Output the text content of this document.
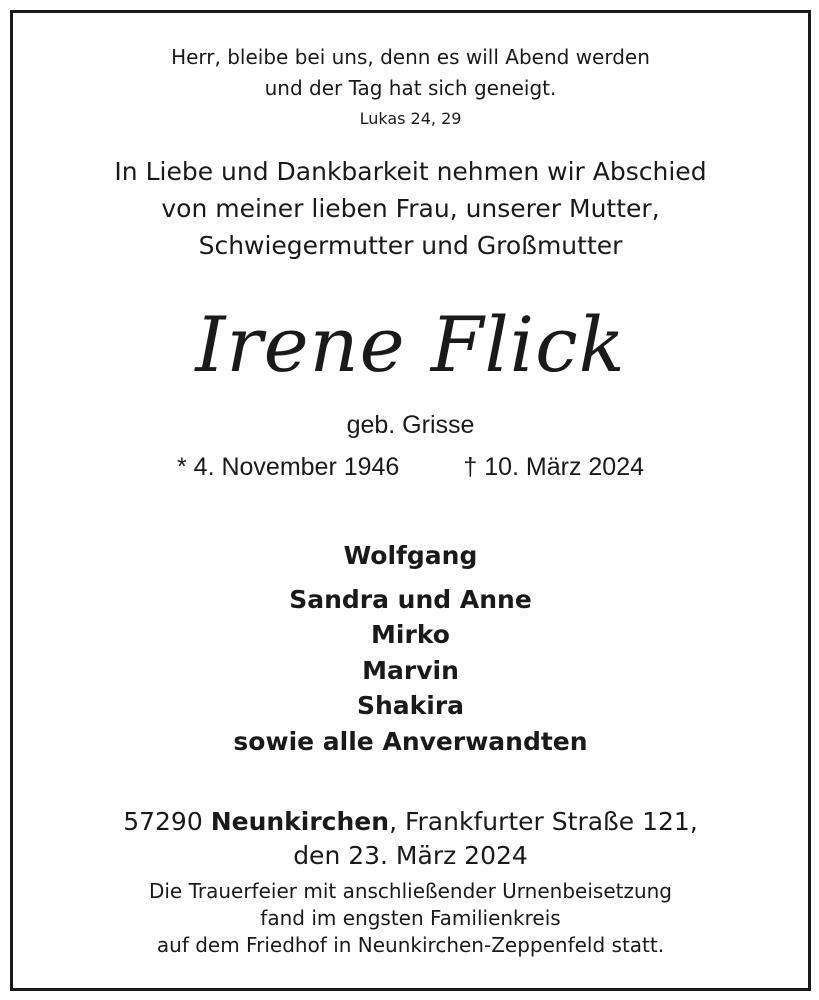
Herr, bleibe bei uns, denn es will Abend werden
und der Tag hat sich geneigt.
Lukas 24, 29
In Liebe und Dankbarkeit nehmen wir Abschied
von meiner lieben Frau, unserer Mutter,
Schwiegermutter und Großmutter
Irene Flick
geb. Grisse
* 4. November 1946	† 10. März 2024
Wolfgang
Sandra und Anne
Mirko
Marvin
Shakira
sowie alle Anverwandten
57290 Neunkirchen, Frankfurter Straße 121,
den 23. März 2024
Die Trauerfeier mit anschließender Urnenbeisetzung
fand im engsten Familienkreis
auf dem Friedhof in Neunkirchen-Zeppenfeld statt.
